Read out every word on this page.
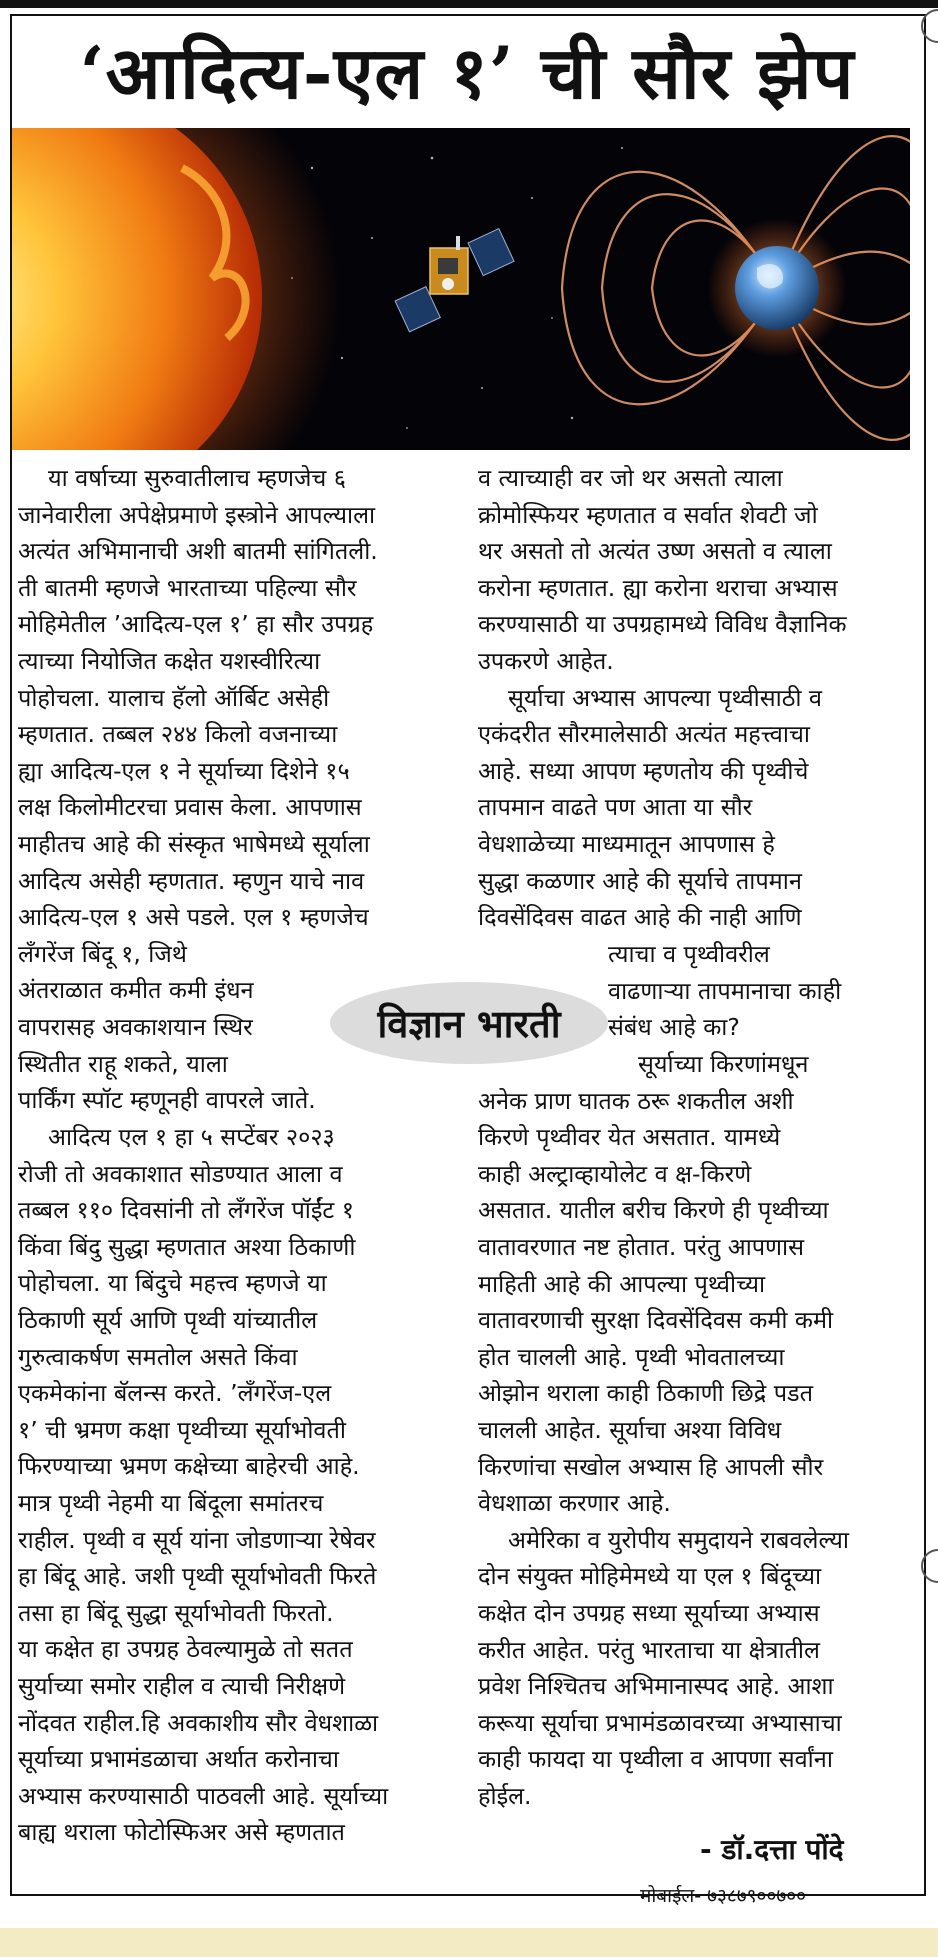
‘आदित्य-एल १’ ची सौर झेप

या वर्षाच्या सुरुवातीलाच म्हणजेच ६

जानेवारीला अपेक्षेप्रमाणे इस्त्रोने आपल्याला

अत्यंत अभिमानाची अशी बातमी सांगितली.

ती बातमी म्हणजे भारताच्या पहिल्या सौर

मोहिमेतील ’आदित्य-एल १’ हा सौर उपग्रह

त्याच्या नियोजित कक्षेत यशस्वीरित्या

पोहोचला. यालाच हॅलो ऑर्बिट असेही

म्हणतात. तब्बल २४४ किलो वजनाच्या

ह्या आदित्य-एल १ ने सूर्याच्या दिशेने १५

लक्ष किलोमीटरचा प्रवास केला. आपणास

माहीतच आहे की संस्कृत भाषेमध्ये सूर्याला

आदित्य असेही म्हणतात. म्हणुन याचे नाव

आदित्य-एल १ असे पडले. एल १ म्हणजेच

लॅंगरेंज बिंदू १, जिथे

अंतराळात कमीत कमी इंधन

वापरासह अवकाशयान स्थिर

स्थितीत राहू शकते, याला

पार्किंग स्पॉट म्हणूनही वापरले जाते.

आदित्य एल १ हा ५ सप्टेंबर २०२३

रोजी तो अवकाशात सोडण्यात आला व

तब्बल ११० दिवसांनी तो लॅंगरेंज पॉईंट १

किंवा बिंदु सुद्धा म्हणतात अश्या ठिकाणी

पोहोचला. या बिंदुचे महत्त्व म्हणजे या

ठिकाणी सूर्य आणि पृथ्वी यांच्यातील

गुरुत्वाकर्षण समतोल असते किंवा

एकमेकांना बॅलन्स करते. ’लॅंगरेंज-एल

१’ ची भ्रमण कक्षा पृथ्वीच्या सूर्याभोवती

फिरण्याच्या भ्रमण कक्षेच्या बाहेरची आहे.

मात्र पृथ्वी नेहमी या बिंदूला समांतरच

राहील. पृथ्वी व सूर्य यांना जोडणाऱ्या रेषेवर

हा बिंदू आहे. जशी पृथ्वी सूर्याभोवती फिरते

तसा हा बिंदू सुद्धा सूर्याभोवती फिरतो.

या कक्षेत हा उपग्रह ठेवल्यामुळे तो सतत

सुर्याच्या समोर राहील व त्याची निरीक्षणे

नोंदवत राहील.हि अवकाशीय सौर वेधशाळा

सूर्याच्या प्रभामंडळाचा अर्थात करोनाचा

अभ्यास करण्यासाठी पाठवली आहे. सूर्याच्या

बाह्य थराला फोटोस्फिअर असे म्हणतात

व त्याच्याही वर जो थर असतो त्याला

क्रोमोस्फियर म्हणतात व सर्वात शेवटी जो

थर असतो तो अत्यंत उष्ण असतो व त्याला

करोना म्हणतात. ह्या करोना थराचा अभ्यास

करण्यासाठी या उपग्रहामध्ये विविध वैज्ञानिक

उपकरणे आहेत.

सूर्याचा अभ्यास आपल्या पृथ्वीसाठी व

एकंदरीत सौरमालेसाठी अत्यंत महत्त्वाचा

आहे. सध्या आपण म्हणतोय की पृथ्वीचे

तापमान वाढते पण आता या सौर

वेधशाळेच्या माध्यमातून आपणास हे

सुद्धा कळणार आहे की सूर्याचे तापमान

दिवसेंदिवस वाढत आहे की नाही आणि

त्याचा व पृथ्वीवरील

वाढणाऱ्या तापमानाचा काही

संबंध आहे का?

सूर्याच्या किरणांमधून

अनेक प्राण घातक ठरू शकतील अशी

किरणे पृथ्वीवर येत असतात. यामध्ये

काही अल्ट्राव्हायोलेट व क्ष-किरणे

असतात. यातील बरीच किरणे ही पृथ्वीच्या

वातावरणात नष्ट होतात. परंतु आपणास

माहिती आहे की आपल्या पृथ्वीच्या

वातावरणाची सुरक्षा दिवसेंदिवस कमी कमी

होत चालली आहे. पृथ्वी भोवतालच्या

ओझोन थराला काही ठिकाणी छिद्रे पडत

चालली आहेत. सूर्याचा अश्या विविध

किरणांचा सखोल अभ्यास हि आपली सौर

वेधशाळा करणार आहे.

अमेरिका व युरोपीय समुदायने राबवलेल्या

दोन संयुक्त मोहिमेमध्ये या एल १ बिंदूच्या

कक्षेत दोन उपग्रह सध्या सूर्याच्या अभ्यास

करीत आहेत. परंतु भारताचा या क्षेत्रातील

प्रवेश निश्चितच अभिमानास्पद आहे. आशा

करूया सूर्याचा प्रभामंडळावरच्या अभ्यासाचा

काही फायदा या पृथ्वीला व आपणा सर्वांना

होईल.

विज्ञान भारती
- डॉ.दत्ता पोंदे
मोबाईल- ७३८७९००७००
